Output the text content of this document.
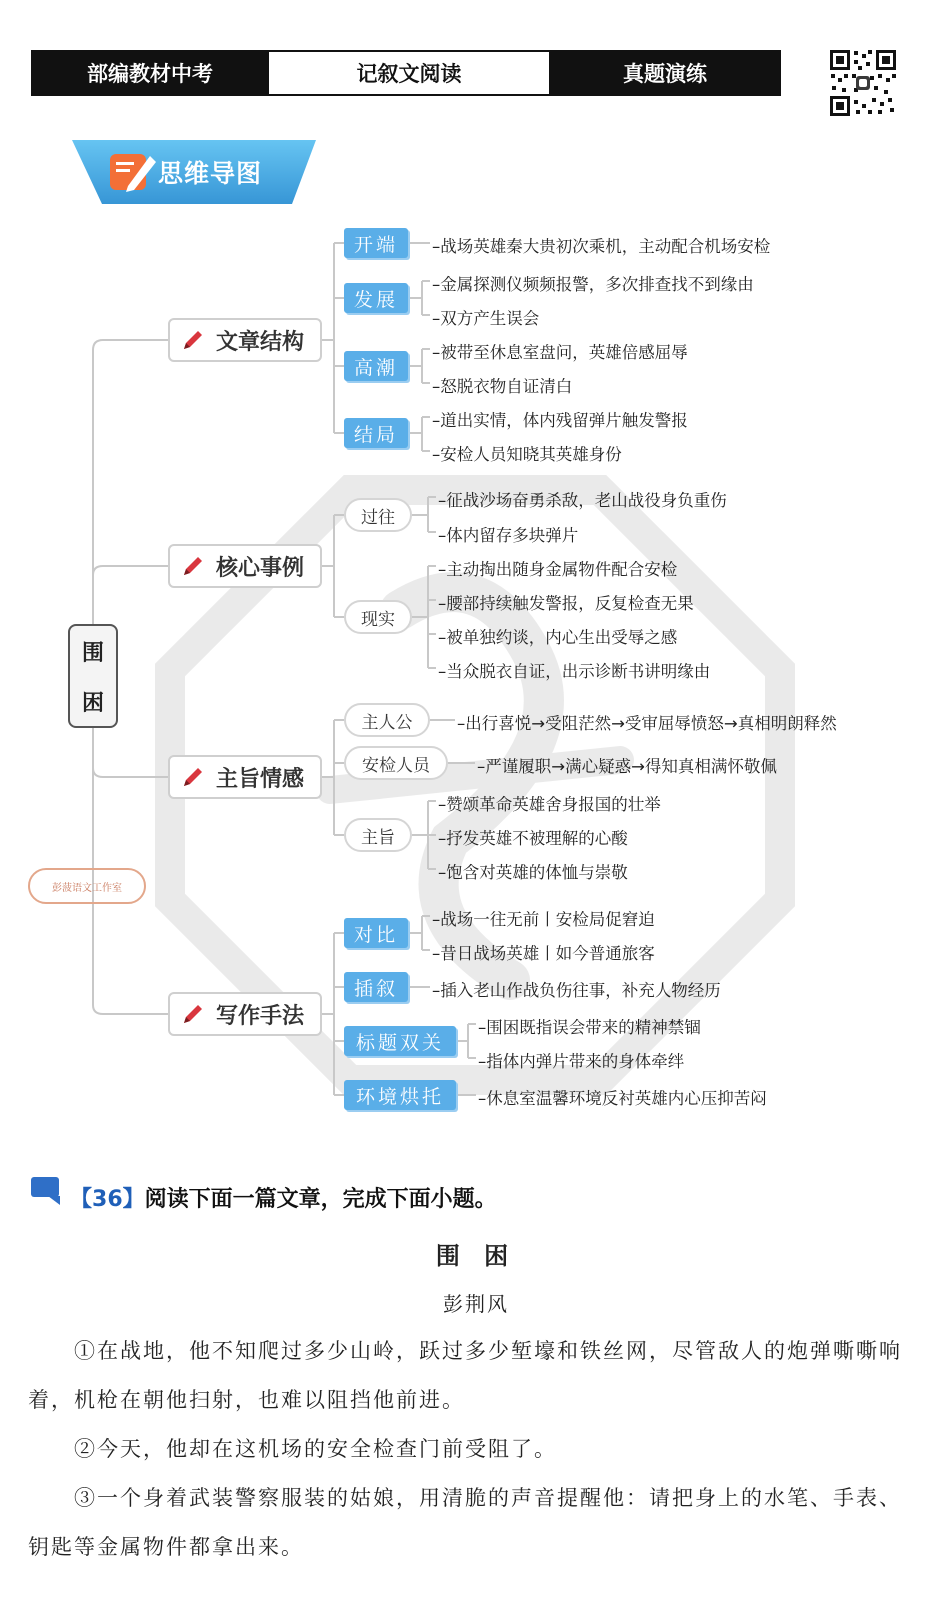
部编教材中考	记叙文阅读	真题演练
思维导图
围
困
彭菠语文工作室
文章结构
核心事例
主旨情感
写作手法
开端	–战场英雄秦大贵初次乘机，主动配合机场安检
发展
–金属探测仪频频报警，多次排查找不到缘由
–双方产生误会
高潮
–被带至休息室盘问，英雄倍感屈辱
–怒脱衣物自证清白
结局
–道出实情，体内残留弹片触发警报
–安检人员知晓其英雄身份
过往
–征战沙场奋勇杀敌，老山战役身负重伤
–体内留存多块弹片
现实
–主动掏出随身金属物件配合安检
–腰部持续触发警报，反复检查无果
–被单独约谈，内心生出受辱之感
–当众脱衣自证，出示诊断书讲明缘由
主人公	–出行喜悦→受阻茫然→受审屈辱愤怒→真相明朗释然
安检人员	–严谨履职→满心疑惑→得知真相满怀敬佩
主旨
–赞颂革命英雄舍身报国的壮举
–抒发英雄不被理解的心酸
–饱含对英雄的体恤与崇敬
对比
–战场一往无前丨安检局促窘迫
–昔日战场英雄丨如今普通旅客
插叙	–插入老山作战负伤往事，补充人物经历
标题双关
–围困既指误会带来的精神禁锢
–指体内弹片带来的身体牵绊
环境烘托	–休息室温馨环境反衬英雄内心压抑苦闷
【36】阅读下面一篇文章，完成下面小题。
围 困
彭荆风
①在战地，他不知爬过多少山岭，跃过多少堑壕和铁丝网，尽管敌人的炮弹嘶嘶响着，机枪在朝他扫射，也难以阻挡他前进。
②今天，他却在这机场的安全检查门前受阻了。
③一个身着武装警察服装的姑娘，用清脆的声音提醒他：请把身上的水笔、手表、钥匙等金属物件都拿出来。
